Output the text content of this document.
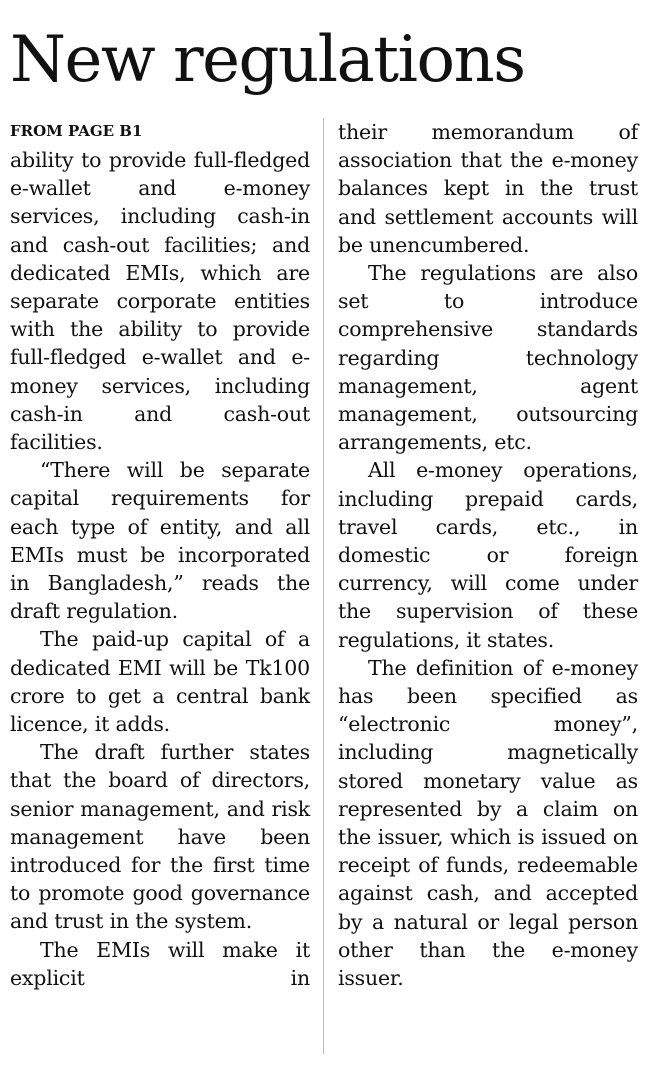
New regulations
FROM PAGE B1

ability to provide full-fledged e-wallet and e-money services, including cash-in and cash-out facilities; and dedicated EMIs, which are separate corporate entities with the ability to provide full-fledged e-wallet and e-money services, including cash-in and cash-out facilities.

“There will be separate capital requirements for each type of entity, and all EMIs must be incorporated in Bangladesh,” reads the draft regulation.

The paid-up capital of a dedicated EMI will be Tk100 crore to get a central bank licence, it adds.

The draft further states that the board of directors, senior management, and risk management have been introduced for the first time to promote good governance and trust in the system.

The EMIs will make it explicit in

their memorandum of association that the e-money balances kept in the trust and settlement accounts will be unencumbered.

The regulations are also set to introduce comprehensive standards regarding technology management, agent management, outsourcing arrangements, etc.

All e-money operations, including prepaid cards, travel cards, etc., in domestic or foreign currency, will come under the supervision of these regulations, it states.

The definition of e-money has been specified as “electronic money”, including magnetically stored monetary value as represented by a claim on the issuer, which is issued on receipt of funds, redeemable against cash, and accepted by a natural or legal person other than the e-money issuer.
